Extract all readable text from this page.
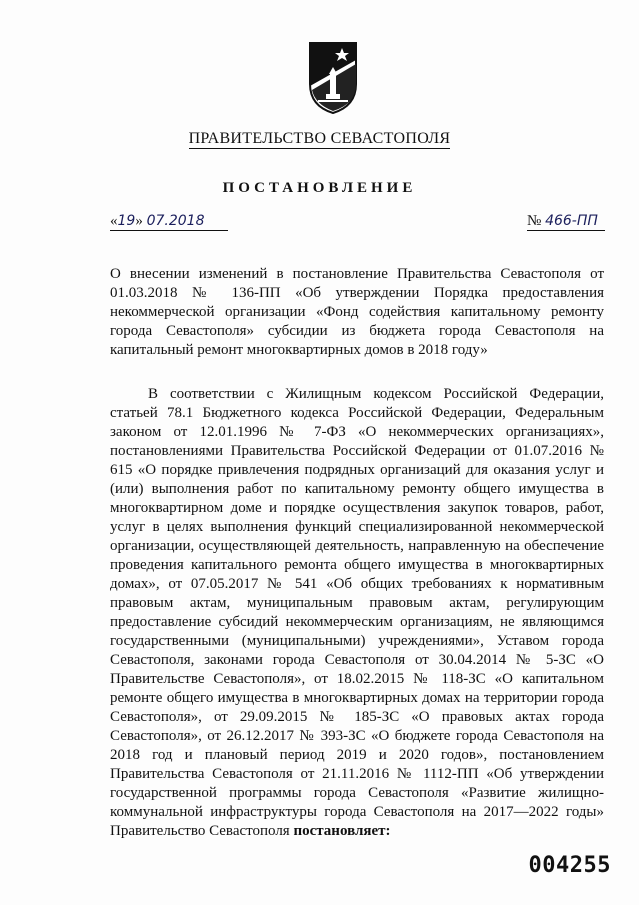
ПРАВИТЕЛЬСТВО СЕВАСТОПОЛЯ
ПОСТАНОВЛЕНИЕ
«19» 07.2018	№ 466-ПП
О внесении изменений в постановление Правительства Севастополя от 01.03.2018 № 136-ПП «Об утверждении Порядка предоставления некоммерческой организации «Фонд содействия капитальному ремонту города Севастополя» субсидии из бюджета города Севастополя на капитальный ремонт многоквартирных домов в 2018 году»
В соответствии с Жилищным кодексом Российской Федерации, статьей 78.1 Бюджетного кодекса Российской Федерации, Федеральным законом от 12.01.1996 № 7-ФЗ «О некоммерческих организациях», постановлениями Правительства Российской Федерации от 01.07.2016 № 615 «О порядке привлечения подрядных организаций для оказания услуг и (или) выполнения работ по капитальному ремонту общего имущества в многоквартирном доме и порядке осуществления закупок товаров, работ, услуг в целях выполнения функций специализированной некоммерческой организации, осуществляющей деятельность, направленную на обеспечение проведения капитального ремонта общего имущества в многоквартирных домах», от 07.05.2017 № 541 «Об общих требованиях к нормативным правовым актам, муниципальным правовым актам, регулирующим предоставление субсидий некоммерческим организациям, не являющимся государственными (муниципальными) учреждениями», Уставом города Севастополя, законами города Севастополя от 30.04.2014 № 5-ЗС «О Правительстве Севастополя», от 18.02.2015 № 118-ЗС «О капитальном ремонте общего имущества в многоквартирных домах на территории города Севастополя», от 29.09.2015 № 185-ЗС «О правовых актах города Севастополя», от 26.12.2017 № 393-ЗС «О бюджете города Севастополя на 2018 год и плановый период 2019 и 2020 годов», постановлением Правительства Севастополя от 21.11.2016 № 1112-ПП «Об утверждении государственной программы города Севастополя «Развитие жилищно-коммунальной инфраструктуры города Севастополя на 2017—2022 годы» Правительство Севастополя постановляет:
004255
